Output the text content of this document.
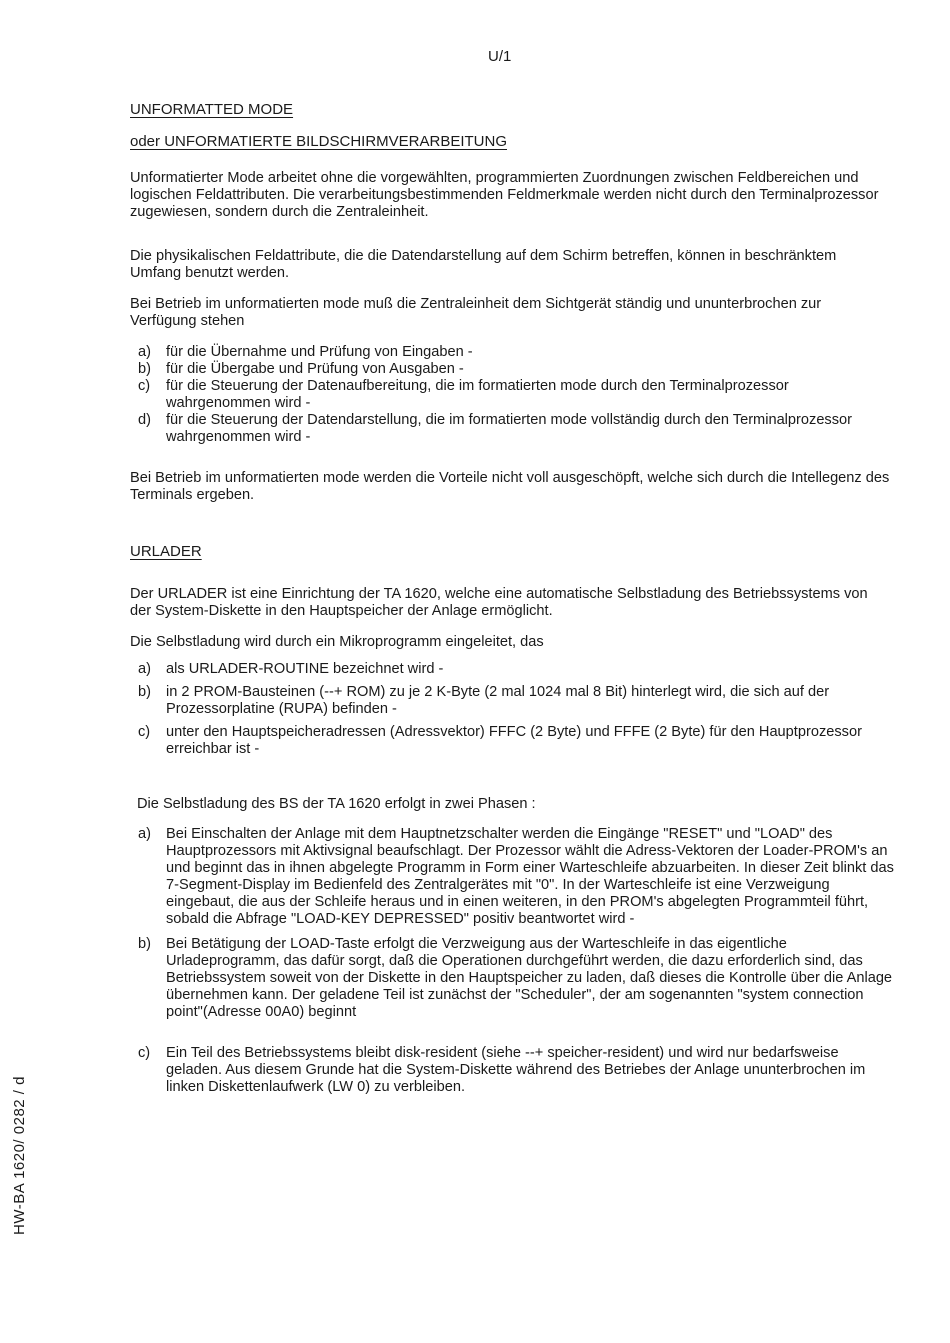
U/1
UNFORMATTED MODE
oder UNFORMATIERTE BILDSCHIRMVERARBEITUNG

Unformatierter Mode arbeitet ohne die vorgewählten, programmierten Zuordnungen zwischen Feldbereichen und logischen Feldattributen. Die verarbeitungsbestimmenden Feldmerkmale werden nicht durch den Terminalprozessor zugewiesen, sondern durch die Zentraleinheit.

Die physikalischen Feldattribute, die die Datendarstellung auf dem Schirm betreffen, können in beschränktem Umfang benutzt werden.

Bei Betrieb im unformatierten mode muß die Zentraleinheit dem Sichtgerät ständig und ununterbrochen zur Verfügung stehen

a) für die Übernahme und Prüfung von Eingaben -
b) für die Übergabe und Prüfung von Ausgaben -
c) für die Steuerung der Datenaufbereitung, die im formatierten mode durch den Terminalprozessor wahrgenommen wird -
d) für die Steuerung der Datendarstellung, die im formatierten mode vollständig durch den Terminalprozessor wahrgenommen wird -

Bei Betrieb im unformatierten mode werden die Vorteile nicht voll ausgeschöpft, welche sich durch die Intellegenz des Terminals ergeben.

URLADER

Der URLADER ist eine Einrichtung der TA 1620, welche eine automatische Selbstladung des Betriebssystems von der System-Diskette in den Hauptspeicher der Anlage ermöglicht.

Die Selbstladung wird durch ein Mikroprogramm eingeleitet, das

a) als URLADER-ROUTINE bezeichnet wird -
b) in 2 PROM-Bausteinen (--+ ROM) zu je 2 K-Byte (2 mal 1024 mal 8 Bit) hinterlegt wird, die sich auf der Prozessorplatine (RUPA) befinden -
c) unter den Hauptspeicheradressen (Adressvektor) FFFC (2 Byte) und FFFE (2 Byte) für den Hauptprozessor erreichbar ist -

Die Selbstladung des BS der TA 1620 erfolgt in zwei Phasen :

a) Bei Einschalten der Anlage mit dem Hauptnetzschalter werden die Eingänge "RESET" und "LOAD" des Hauptprozessors mit Aktivsignal beaufschlagt. Der Prozessor wählt die Adress-Vektoren der Loader-PROM's an und beginnt das in ihnen abgelegte Programm in Form einer Warteschleife abzuarbeiten. In dieser Zeit blinkt das 7-Segment-Display im Bedienfeld des Zentralgerätes mit "0". In der Warteschleife ist eine Verzweigung eingebaut, die aus der Schleife heraus und in einen weiteren, in den PROM's abgelegten Programmteil führt, sobald die Abfrage "LOAD-KEY DEPRESSED" positiv beantwortet wird -
b) Bei Betätigung der LOAD-Taste erfolgt die Verzweigung aus der Warteschleife in das eigentliche Urladeprogramm, das dafür sorgt, daß die Operationen durchgeführt werden, die dazu erforderlich sind, das Betriebssystem soweit von der Diskette in den Hauptspeicher zu laden, daß dieses die Kontrolle über die Anlage übernehmen kann. Der geladene Teil ist zunächst der "Scheduler", der am sogenannten "system connection point"(Adresse 00A0) beginnt
c) Ein Teil des Betriebssystems bleibt disk-resident (siehe --+ speicher-resident) und wird nur bedarfsweise geladen. Aus diesem Grunde hat die System-Diskette während des Betriebes der Anlage ununterbrochen im linken Diskettenlaufwerk (LW 0) zu verbleiben.
HW-BA 1620/ 0282 / d
